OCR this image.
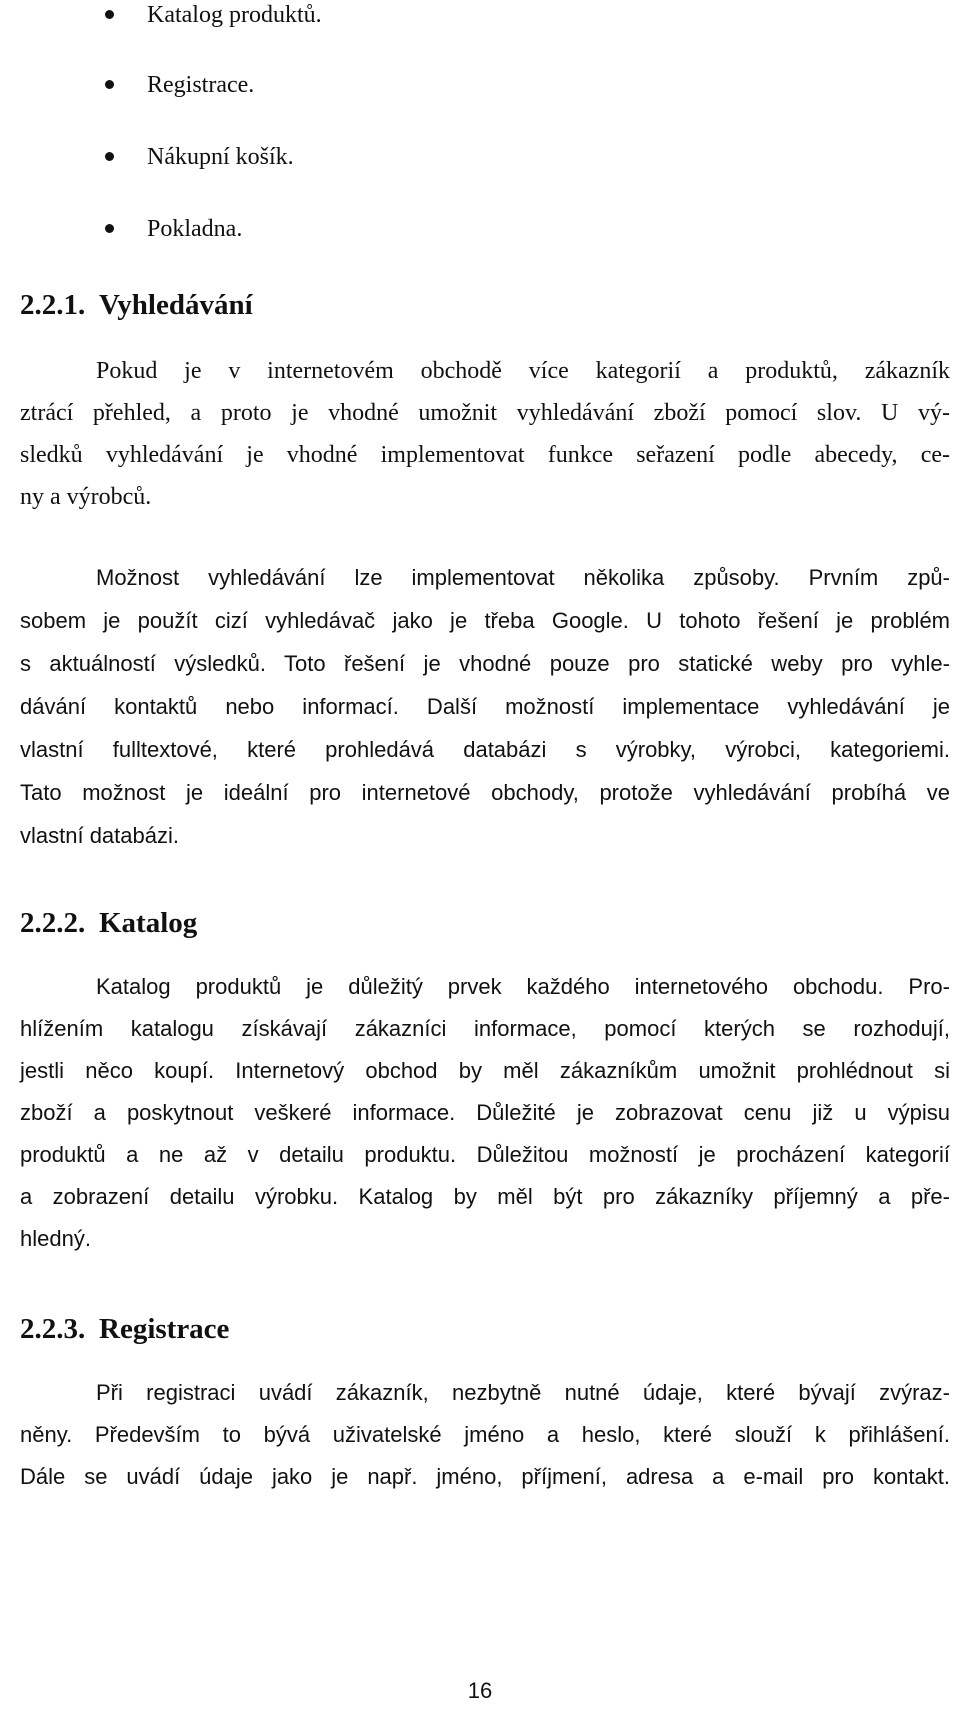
Katalog produktů.
Registrace.
Nákupní košík.
Pokladna.
2.2.1. Vyhledávání
Pokud je v internetovém obchodě více kategorií a produktů, zákazník
ztrácí přehled, a proto je vhodné umožnit vyhledávání zboží pomocí slov. U vý-
sledků vyhledávání je vhodné implementovat funkce seřazení podle abecedy, ce-
ny a výrobců.
Možnost vyhledávání lze implementovat několika způsoby. Prvním způ-
sobem je použít cizí vyhledávač jako je třeba Google. U tohoto řešení je problém
s aktuálností výsledků. Toto řešení je vhodné pouze pro statické weby pro vyhle-
dávání kontaktů nebo informací. Další možností implementace vyhledávání je
vlastní fulltextové, které prohledává databázi s výrobky, výrobci, kategoriemi.
Tato možnost je ideální pro internetové obchody, protože vyhledávání probíhá ve
vlastní databázi.
2.2.2. Katalog
Katalog produktů je důležitý prvek každého internetového obchodu. Pro-
hlížením katalogu získávají zákazníci informace, pomocí kterých se rozhodují,
jestli něco koupí. Internetový obchod by měl zákazníkům umožnit prohlédnout si
zboží a poskytnout veškeré informace. Důležité je zobrazovat cenu již u výpisu
produktů a ne až v detailu produktu. Důležitou možností je procházení kategorií
a zobrazení detailu výrobku. Katalog by měl být pro zákazníky příjemný a pře-
hledný.
2.2.3. Registrace
Při registraci uvádí zákazník, nezbytně nutné údaje, které bývají zvýraz-
něny. Především to bývá uživatelské jméno a heslo, které slouží k přihlášení.
Dále se uvádí údaje jako je např. jméno, příjmení, adresa a e-mail pro kontakt.
16
